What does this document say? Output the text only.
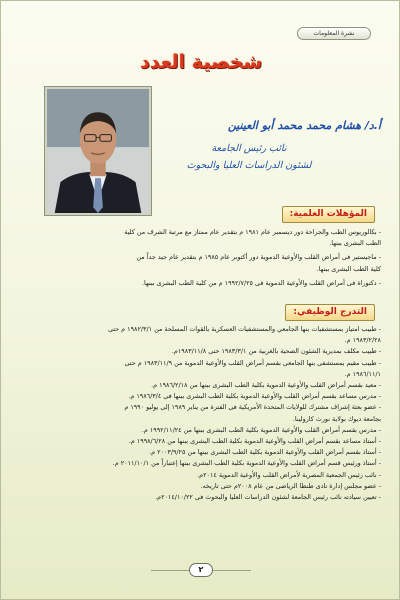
نشرة المعلومات
شخصية العدد
أ.د/ هشام محمد محمد أبو العينين
نائب رئيس الجامعة
لشئون الدراسات العليا والبحوث
المؤهلات العلمية:

- بكالوريوس الطب والجراحة دور ديسمبر عام ١٩٨١ م بتقدير عام ممتاز مع مرتبة الشرف من كلية

الطب البشرى ببنها.

- ماجيستير فى أمراض القلب والأوعية الدموية دور أكتوبر عام ١٩٨٥ م بتقدير عام جيد جداً من

كلية الطب البشرى ببنها.

- دكتوراة فى أمراض القلب والأوعية الدموية فى ١٩٩٢/٧/٢٥ م من كلية الطب البشرى ببنها.

التدرج الوظيفي:

- طبيب امتياز بمستشفيات بنها الجامعي والمستشفيات العسكرية بالقوات المسلحة من ١٩٨٢/٣/١ م حتى

١٩٨٣/٢/٢٨ م.

- طبيب مكلف بمديرية الشئون الصحية بالغربية من ١٩٨٣/٣/١ حتى ١٩٨٣/١١/٨م.

- طبيب مقيم بمستشفى بنها الجامعى بقسم أمراض القلب والأوعية الدموية من ١٩٨٣/١١/٩ م حتى

١٩٨٦/١١/١ م.

- معيد بقسم أمراض القلب والأوعية الدموية بكلية الطب البشرى ببنها من ١٩٨٦/٢/١٨ م.

- مدرس مساعد بقسم أمراض القلب والأوعية الدموية بكلية الطب البشرى ببنها فى ١٩٨٦/٣/٤ م.

- عضو بعثة إشراف مشترك للولايات المتحدة الأمريكية فى الفترة من يناير ١٩٨٩ إلى يوليو ١٩٩٠ م

بجامعة ديوك بولاية نورث كارولينا.

- مدرس بقسم أمراض القلب والأوعية الدموية بكلية الطب البشرى ببنها من ١٩٩٢/١١/٢٤ م.

- أستاذ مساعد بقسم أمراض القلب والأوعية الدموية بكلية الطب البشرى ببنها من ١٩٩٨/٦/٢٨ م.

- أستاذ بقسم أمراض القلب والأوعية الدموية بكلية الطب البشرى ببنها من ٢٠٠٣/٩/٢٥ م.

- أستاذ ورئيس قسم أمراض القلب والأوعية الدموية بكلية الطب البشرى ببنها إعتباراً من ٢٠١١/١٠/١ م.

- نائب رئيس الجمعية المصرية لأمراض القلب والأوعية الدموية ٢٠١٤م.

- عضو مجلس إدارة نادى طنطا الرياضى من عام ٢٠٠٨م حتى تاريخه.

- تعيين سيادته نائب رئيس الجامعة لشئون الدراسات العليا والبحوث فى ٢٠١٤/١٠/٢٢م.

٢
